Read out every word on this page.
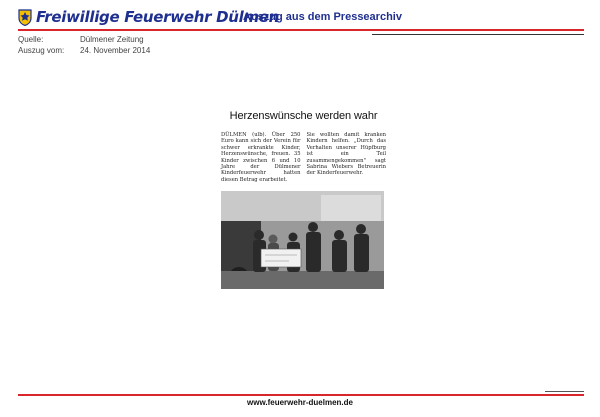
Freiwillige Feuerwehr Dülmen
Auszug aus dem Pressearchiv
Quelle:	Dülmener Zeitung
Auszug vom:	24. November 2014
Herzenswünsche werden wahr
DÜLMEN (ulb). Über 250 Euro kann sich der Verein für schwer erkrankte Kinder, Herzenswünsche, freuen. 35 Kinder zwischen 6 und 10 Jahre der Dülmener Kinderfeuerwehr hatten diesen Betrag erarbeitet.
Sie wollten damit kranken Kindern helfen. „Durch das Verhalten unserer Hüpfburg ist ein Teil zusammengekommen" sagt Sabrina Wiebers Betreuerin der Kinderfeuerwehr.
www.feuerwehr-duelmen.de
